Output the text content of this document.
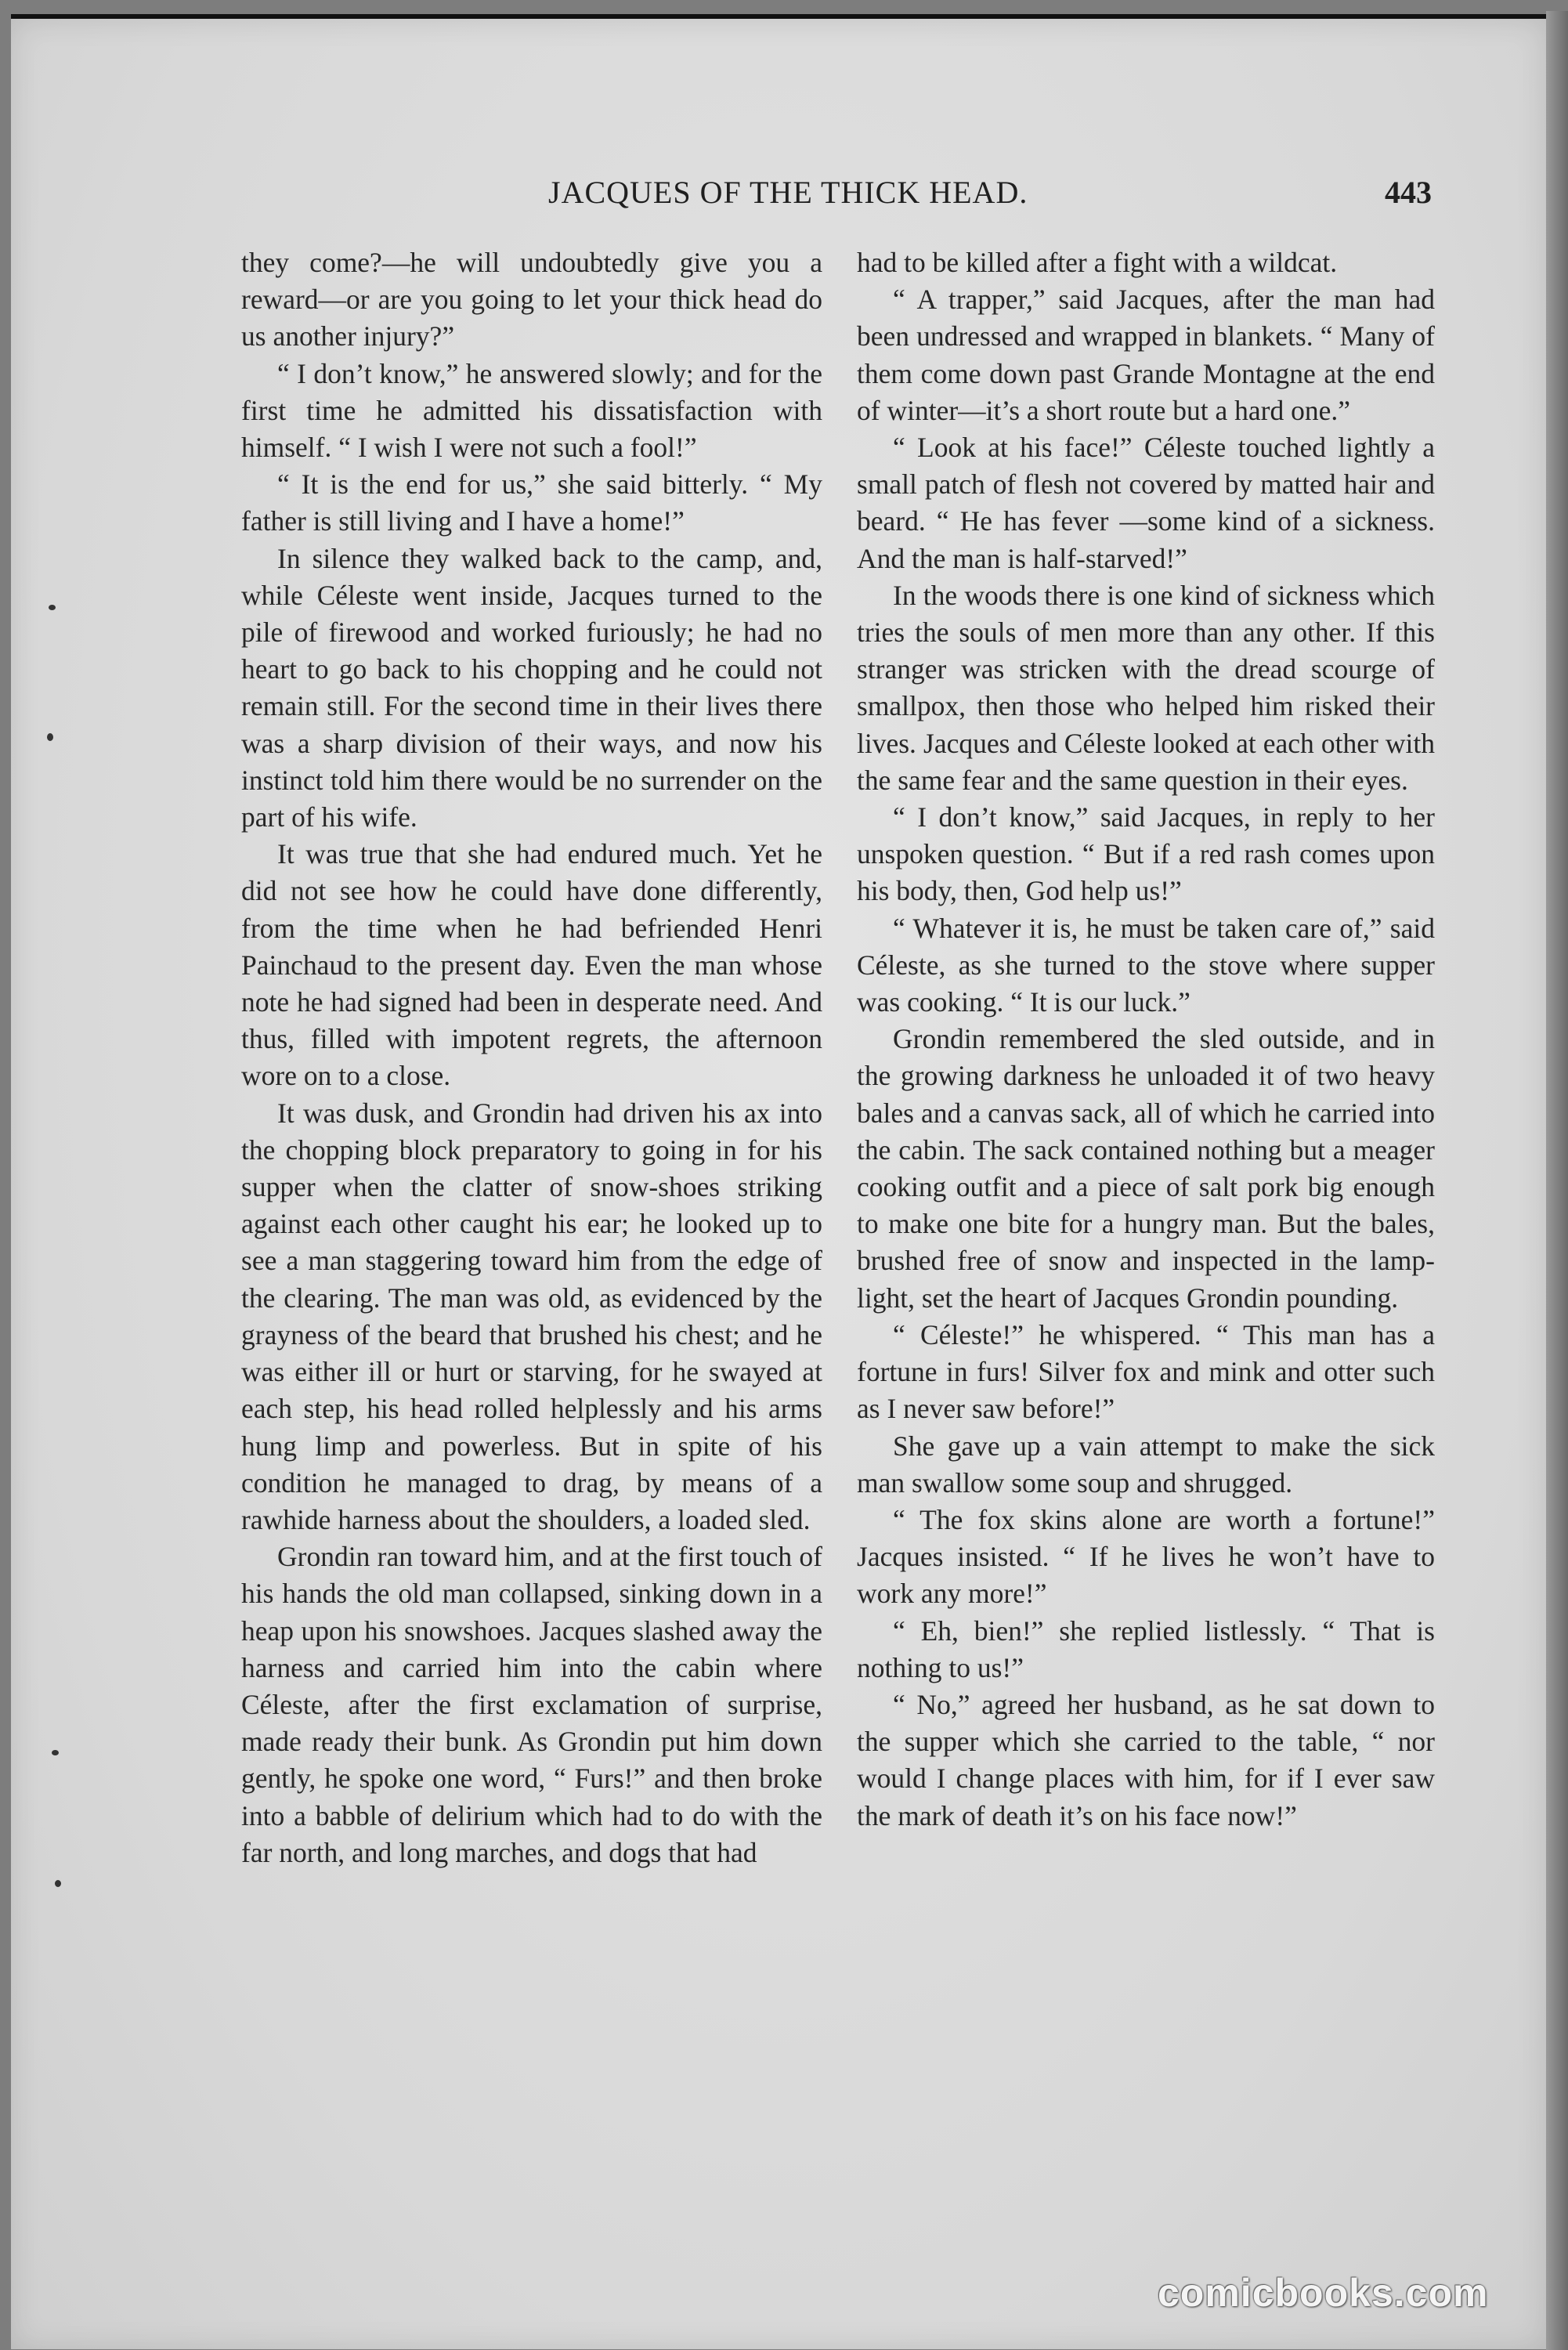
JACQUES OF THE THICK HEAD.	443

they come?—he will undoubtedly give you a reward—or are you going to let your thick head do us another injury?”

“ I don’t know,” he answered slowly; and for the first time he admitted his dissatisfaction with himself. “ I wish I were not such a fool!”

“ It is the end for us,” she said bitterly. “ My father is still living and I have a home!”

In silence they walked back to the camp, and, while Céleste went inside, Jacques turned to the pile of firewood and worked furiously; he had no heart to go back to his chopping and he could not remain still. For the second time in their lives there was a sharp division of their ways, and now his instinct told him there would be no surrender on the part of his wife.

It was true that she had endured much. Yet he did not see how he could have done differently, from the time when he had befriended Henri Painchaud to the present day. Even the man whose note he had signed had been in desperate need. And thus, filled with impotent regrets, the afternoon wore on to a close.

It was dusk, and Grondin had driven his ax into the chopping block preparatory to going in for his supper when the clatter of snow-shoes striking against each other caught his ear; he looked up to see a man staggering toward him from the edge of the clearing. The man was old, as evidenced by the grayness of the beard that brushed his chest; and he was either ill or hurt or starving, for he swayed at each step, his head rolled helplessly and his arms hung limp and powerless. But in spite of his condition he managed to drag, by means of a rawhide harness about the shoulders, a loaded sled.

Grondin ran toward him, and at the first touch of his hands the old man collapsed, sinking down in a heap upon his snowshoes. Jacques slashed away the harness and carried him into the cabin where Céleste, after the first exclamation of surprise, made ready their bunk. As Grondin put him down gently, he spoke one word, “ Furs!” and then broke into a babble of delirium which had to do with the far north, and long marches, and dogs that had

had to be killed after a fight with a wildcat.

“ A trapper,” said Jacques, after the man had been undressed and wrapped in blankets. “ Many of them come down past Grande Montagne at the end of winter—it’s a short route but a hard one.”

“ Look at his face!” Céleste touched lightly a small patch of flesh not covered by matted hair and beard. “ He has fever —some kind of a sickness. And the man is half-starved!”

In the woods there is one kind of sickness which tries the souls of men more than any other. If this stranger was stricken with the dread scourge of smallpox, then those who helped him risked their lives. Jacques and Céleste looked at each other with the same fear and the same question in their eyes.

“ I don’t know,” said Jacques, in reply to her unspoken question. “ But if a red rash comes upon his body, then, God help us!”

“ Whatever it is, he must be taken care of,” said Céleste, as she turned to the stove where supper was cooking. “ It is our luck.”

Grondin remembered the sled outside, and in the growing darkness he unloaded it of two heavy bales and a canvas sack, all of which he carried into the cabin. The sack contained nothing but a meager cooking outfit and a piece of salt pork big enough to make one bite for a hungry man. But the bales, brushed free of snow and inspected in the lamp-light, set the heart of Jacques Grondin pounding.

“ Céleste!” he whispered. “ This man has a fortune in furs! Silver fox and mink and otter such as I never saw before!”

She gave up a vain attempt to make the sick man swallow some soup and shrugged.

“ The fox skins alone are worth a fortune!” Jacques insisted. “ If he lives he won’t have to work any more!”

“ Eh, bien!” she replied listlessly. “ That is nothing to us!”

“ No,” agreed her husband, as he sat down to the supper which she carried to the table, “ nor would I change places with him, for if I ever saw the mark of death it’s on his face now!”

comicbooks.com
